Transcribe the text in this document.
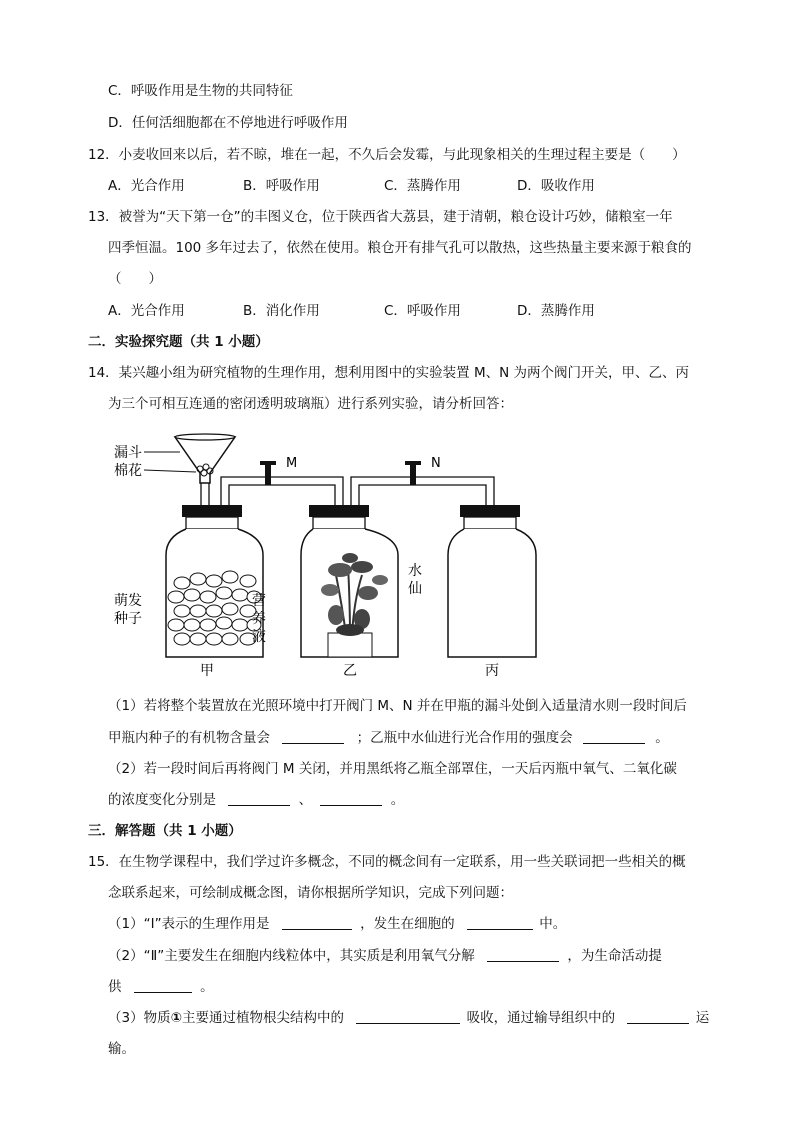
C．呼吸作用是生物的共同特征
D．任何活细胞都在不停地进行呼吸作用
12．小麦收回来以后，若不晾，堆在一起，不久后会发霉，与此现象相关的生理过程主要是（　　）
A．光合作用	B．呼吸作用	C．蒸腾作用	D．吸收作用
13．被誉为“天下第一仓”的丰图义仓，位于陕西省大荔县，建于清朝，粮仓设计巧妙，储粮室一年
四季恒温。100 多年过去了，依然在使用。粮仓开有排气孔可以散热，这些热量主要来源于粮食的
（　　）
A．光合作用	B．消化作用	C．呼吸作用	D．蒸腾作用
二．实验探究题（共 1 小题）
14．某兴趣小组为研究植物的生理作用，想利用图中的实验装置 M、N 为两个阀门开关，甲、乙、丙
为三个可相互连通的密闭透明玻璃瓶）进行系列实验，请分析回答：
漏斗
棉花
萌发
种子
甲
M
营
养
液
水
仙
乙
N
丙
（1）若将整个装置放在光照环境中打开阀门 M、N 并在甲瓶的漏斗处倒入适量清水则一段时间后
甲瓶内种子的有机物含量会	；乙瓶中水仙进行光合作用的强度会	。
（2）若一段时间后再将阀门 M 关闭，并用黑纸将乙瓶全部罩住，一天后丙瓶中氧气、二氧化碳
的浓度变化分别是	、	。
三．解答题（共 1 小题）
15．在生物学课程中，我们学过许多概念，不同的概念间有一定联系，用一些关联词把一些相关的概
念联系起来，可绘制成概念图，请你根据所学知识，完成下列问题：
（1）“Ⅰ”表示的生理作用是	，发生在细胞的	中。
（2）“Ⅱ”主要发生在细胞内线粒体中，其实质是利用氧气分解	，为生命活动提
供	。
（3）物质①主要通过植物根尖结构中的	吸收，通过输导组织中的	运
输。
